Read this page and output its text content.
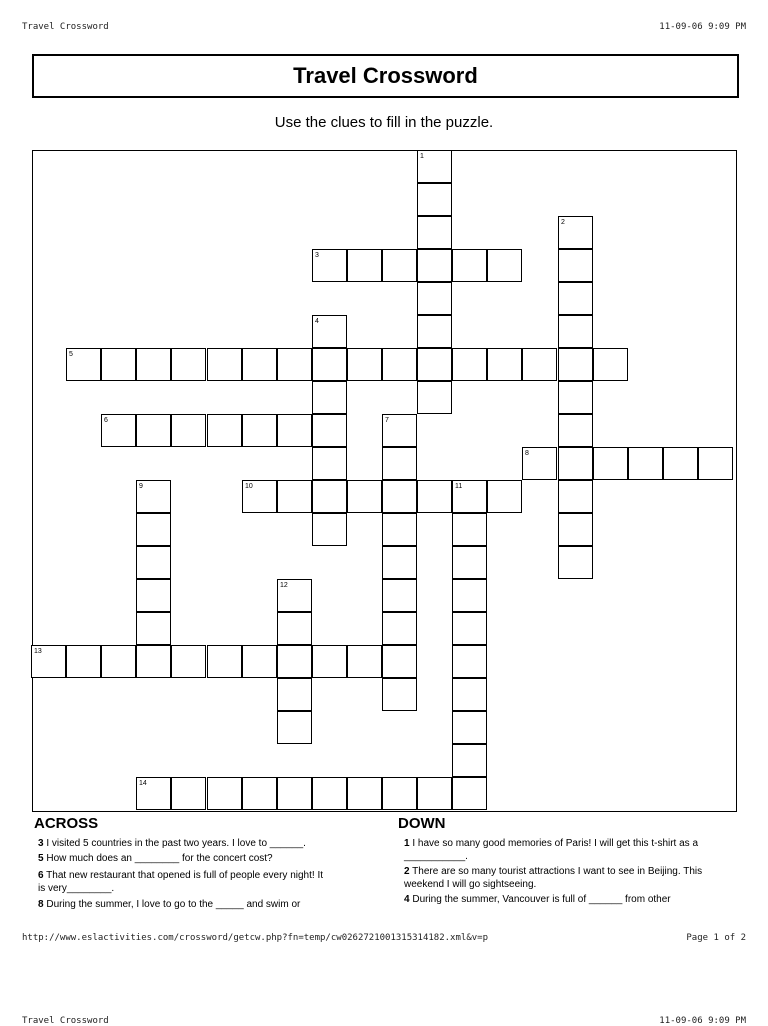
Travel Crossword	11-09-06 9:09 PM
Travel Crossword
Use the clues to fill in the puzzle.
1
2
3
4
5
6	7
8
9	10	11
12
13
14
ACROSS	DOWN
3 I visited 5 countries in the past two years. I love to ______.
5 How much does an ________ for the concert cost?
6 That new restaurant that opened is full of people every night! It is very________.
8 During the summer, I love to go to the _____ and swim or
1 I have so many good memories of Paris! I will get this t-shirt as a ___________.
2 There are so many tourist attractions I want to see in Beijing. This weekend I will go sightseeing.
4 During the summer, Vancouver is full of ______ from other
http://www.eslactivities.com/crossword/getcw.php?fn=temp/cw0262721001315314182.xml&v=p	Page 1 of 2
Travel Crossword	11-09-06 9:09 PM
